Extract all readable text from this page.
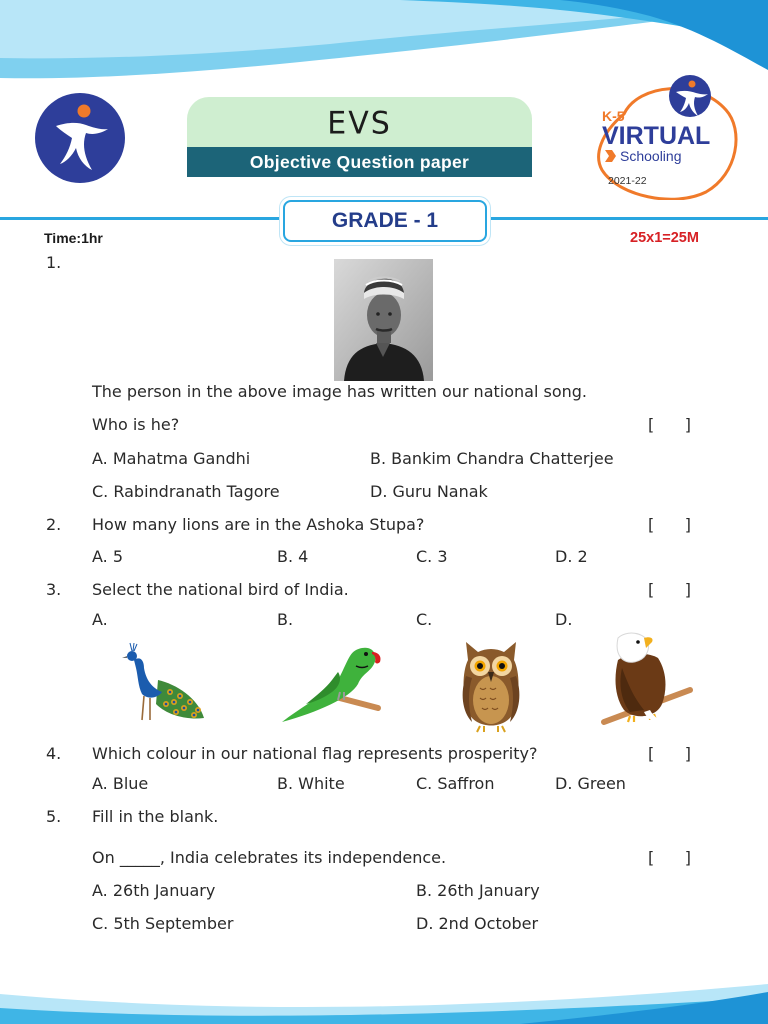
K-5
VIRTUAL
Schooling
2021-22
EVS
Objective Question paper
GRADE - 1
Time:1hr	25x1=25M
1.
The person in the above image has written our national song.
Who is he?	[      ]
A. Mahatma Gandhi	B. Bankim Chandra Chatterjee
C. Rabindranath Tagore	D. Guru Nanak
2. How many lions are in the Ashoka Stupa?	[      ]
A. 5	B. 4	C. 3	D. 2
3. Select the national bird of India.	[      ]
A.	B.	C.	D.
4. Which colour in our national flag represents prosperity?	[      ]
A. Blue	B. White	C. Saffron	D. Green
5. Fill in the blank.
On _____, India celebrates its independence.	[      ]
A. 26th January	B. 26th January
C. 5th September	D. 2nd October
